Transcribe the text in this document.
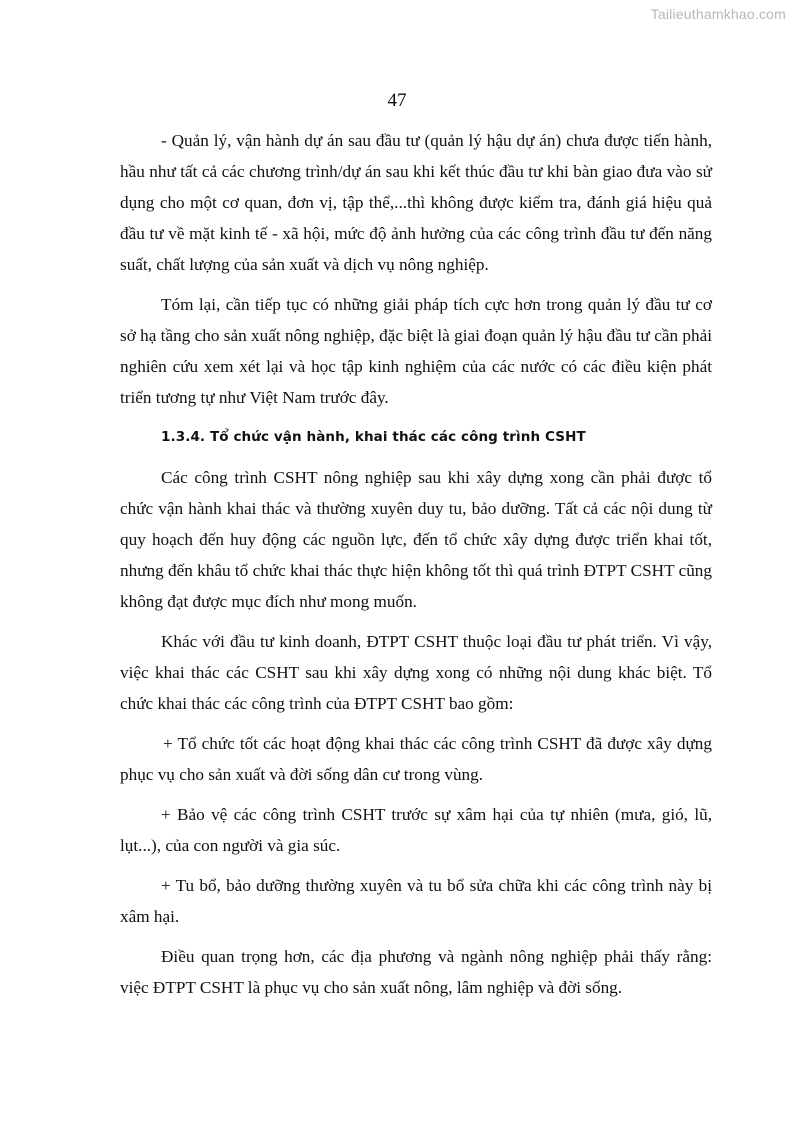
Tailieuthamkhao.com
47

- Quản lý, vận hành dự án sau đầu tư (quản lý hậu dự án) chưa được tiến hành, hầu như tất cả các chương trình/dự án sau khi kết thúc đầu tư khi bàn giao đưa vào sử dụng cho một cơ quan, đơn vị, tập thể,...thì không được kiểm tra, đánh giá hiệu quả đầu tư về mặt kinh tế - xã hội, mức độ ảnh hưởng của các công trình đầu tư đến năng suất, chất lượng của sản xuất và dịch vụ nông nghiệp.

Tóm lại, cần tiếp tục có những giải pháp tích cực hơn trong quản lý đầu tư cơ sở hạ tầng cho sản xuất nông nghiệp, đặc biệt là giai đoạn quản lý hậu đầu tư cần phải nghiên cứu xem xét lại và học tập kinh nghiệm của các nước có các điều kiện phát triển tương tự như Việt Nam trước đây.

1.3.4. Tổ chức vận hành, khai thác các công trình CSHT

Các công trình CSHT nông nghiệp sau khi xây dựng xong cần phải được tổ chức vận hành khai thác và thường xuyên duy tu, bảo dưỡng. Tất cả các nội dung từ quy hoạch đến huy động các nguồn lực, đến tổ chức xây dựng được triển khai tốt, nhưng đến khâu tổ chức khai thác thực hiện không tốt thì quá trình ĐTPT CSHT cũng không đạt được mục đích như mong muốn.

Khác với đầu tư kinh doanh, ĐTPT CSHT thuộc loại đầu tư phát triển. Vì vậy, việc khai thác các CSHT sau khi xây dựng xong có những nội dung khác biệt. Tổ chức khai thác các công trình của ĐTPT CSHT bao gồm:

+ Tổ chức tốt các hoạt động khai thác các công trình CSHT đã được xây dựng phục vụ cho sản xuất và đời sống dân cư trong vùng.

+ Bảo vệ các công trình CSHT trước sự xâm hại của tự nhiên (mưa, gió, lũ, lụt...), của con người và gia súc.

+ Tu bổ, bảo dưỡng thường xuyên và tu bổ sửa chữa khi các công trình này bị xâm hại.

Điều quan trọng hơn, các địa phương và ngành nông nghiệp phải thấy rằng: việc ĐTPT CSHT là phục vụ cho sản xuất nông, lâm nghiệp và đời sống.
